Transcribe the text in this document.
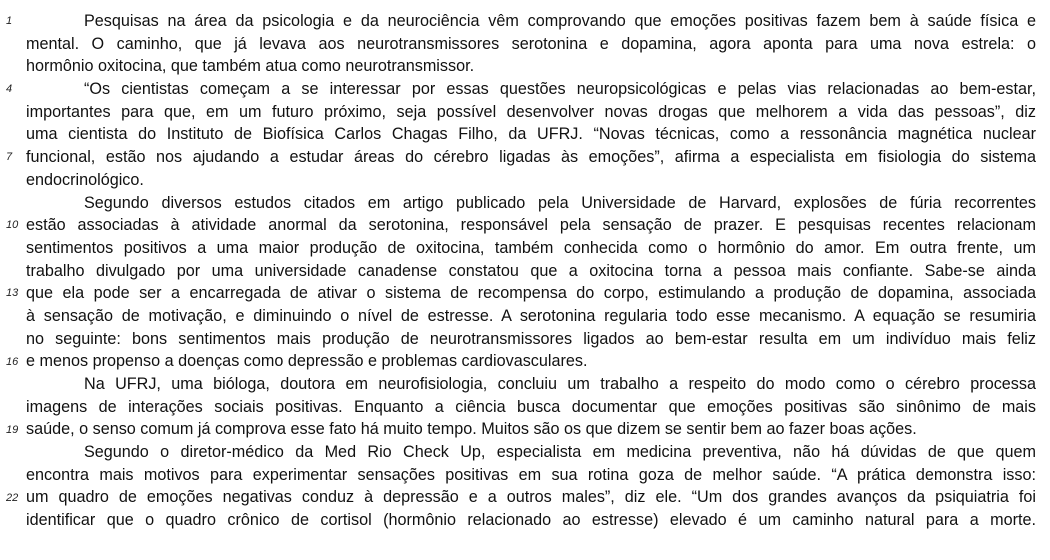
1
4
7
10
13
16
19
22
Pesquisas na área da psicologia e da neurociência vêm comprovando que emoções positivas fazem bem à saúde física e
mental. O caminho, que já levava aos neurotransmissores serotonina e dopamina, agora aponta para uma nova estrela: o
hormônio oxitocina, que também atua como neurotransmissor.
“Os cientistas começam a se interessar por essas questões neuropsicológicas e pelas vias relacionadas ao bem-estar,
importantes para que, em um futuro próximo, seja possível desenvolver novas drogas que melhorem a vida das pessoas”, diz
uma cientista do Instituto de Biofísica Carlos Chagas Filho, da UFRJ. “Novas técnicas, como a ressonância magnética nuclear
funcional, estão nos ajudando a estudar áreas do cérebro ligadas às emoções”, afirma a especialista em fisiologia do sistema
endocrinológico.
Segundo diversos estudos citados em artigo publicado pela Universidade de Harvard, explosões de fúria recorrentes
estão associadas à atividade anormal da serotonina, responsável pela sensação de prazer. E pesquisas recentes relacionam
sentimentos positivos a uma maior produção de oxitocina, também conhecida como o hormônio do amor. Em outra frente, um
trabalho divulgado por uma universidade canadense constatou que a oxitocina torna a pessoa mais confiante. Sabe-se ainda
que ela pode ser a encarregada de ativar o sistema de recompensa do corpo, estimulando a produção de dopamina, associada
à sensação de motivação, e diminuindo o nível de estresse. A serotonina regularia todo esse mecanismo. A equação se resumiria
no seguinte: bons sentimentos mais produção de neurotransmissores ligados ao bem-estar resulta em um indivíduo mais feliz
e menos propenso a doenças como depressão e problemas cardiovasculares.
Na UFRJ, uma bióloga, doutora em neurofisiologia, concluiu um trabalho a respeito do modo como o cérebro processa
imagens de interações sociais positivas. Enquanto a ciência busca documentar que emoções positivas são sinônimo de mais
saúde, o senso comum já comprova esse fato há muito tempo. Muitos são os que dizem se sentir bem ao fazer boas ações.
Segundo o diretor-médico da Med Rio Check Up, especialista em medicina preventiva, não há dúvidas de que quem
encontra mais motivos para experimentar sensações positivas em sua rotina goza de melhor saúde. “A prática demonstra isso:
um quadro de emoções negativas conduz à depressão e a outros males”, diz ele. “Um dos grandes avanços da psiquiatria foi
identificar que o quadro crônico de cortisol (hormônio relacionado ao estresse) elevado é um caminho natural para a morte.
